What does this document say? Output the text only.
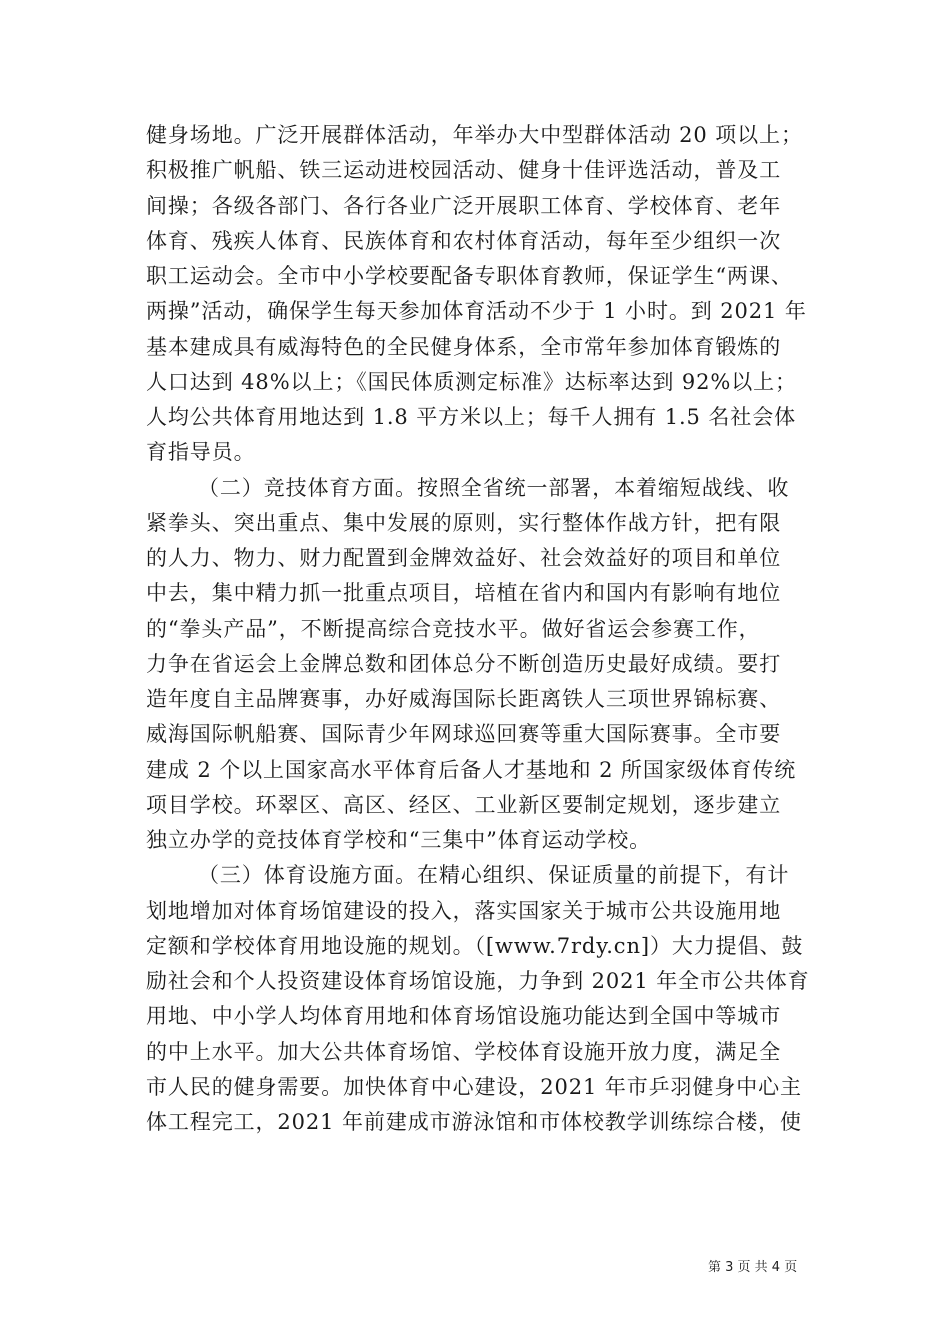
健身场地。广泛开展群体活动，年举办大中型群体活动 20 项以上；
积极推广帆船、铁三运动进校园活动、健身十佳评选活动，普及工
间操；各级各部门、各行各业广泛开展职工体育、学校体育、老年
体育、残疾人体育、民族体育和农村体育活动，每年至少组织一次
职工运动会。全市中小学校要配备专职体育教师，保证学生“两课、
两操”活动，确保学生每天参加体育活动不少于 1 小时。到 2021 年
基本建成具有威海特色的全民健身体系，全市常年参加体育锻炼的
人口达到 48%以上；《国民体质测定标准》达标率达到 92%以上；
人均公共体育用地达到 1.8 平方米以上；每千人拥有 1.5 名社会体
育指导员。
（二）竞技体育方面。按照全省统一部署，本着缩短战线、收
紧拳头、突出重点、集中发展的原则，实行整体作战方针，把有限
的人力、物力、财力配置到金牌效益好、社会效益好的项目和单位
中去，集中精力抓一批重点项目，培植在省内和国内有影响有地位
的“拳头产品”，不断提高综合竞技水平。做好省运会参赛工作，
力争在省运会上金牌总数和团体总分不断创造历史最好成绩。要打
造年度自主品牌赛事，办好威海国际长距离铁人三项世界锦标赛、
威海国际帆船赛、国际青少年网球巡回赛等重大国际赛事。全市要
建成 2 个以上国家高水平体育后备人才基地和 2 所国家级体育传统
项目学校。环翠区、高区、经区、工业新区要制定规划，逐步建立
独立办学的竞技体育学校和“三集中”体育运动学校。
（三）体育设施方面。在精心组织、保证质量的前提下，有计
划地增加对体育场馆建设的投入，落实国家关于城市公共设施用地
定额和学校体育用地设施的规划。（[www.7rdy.cn]）大力提倡、鼓
励社会和个人投资建设体育场馆设施，力争到 2021 年全市公共体育
用地、中小学人均体育用地和体育场馆设施功能达到全国中等城市
的中上水平。加大公共体育场馆、学校体育设施开放力度，满足全
市人民的健身需要。加快体育中心建设，2021 年市乒羽健身中心主
体工程完工，2021 年前建成市游泳馆和市体校教学训练综合楼，使
第 3 页 共 4 页
